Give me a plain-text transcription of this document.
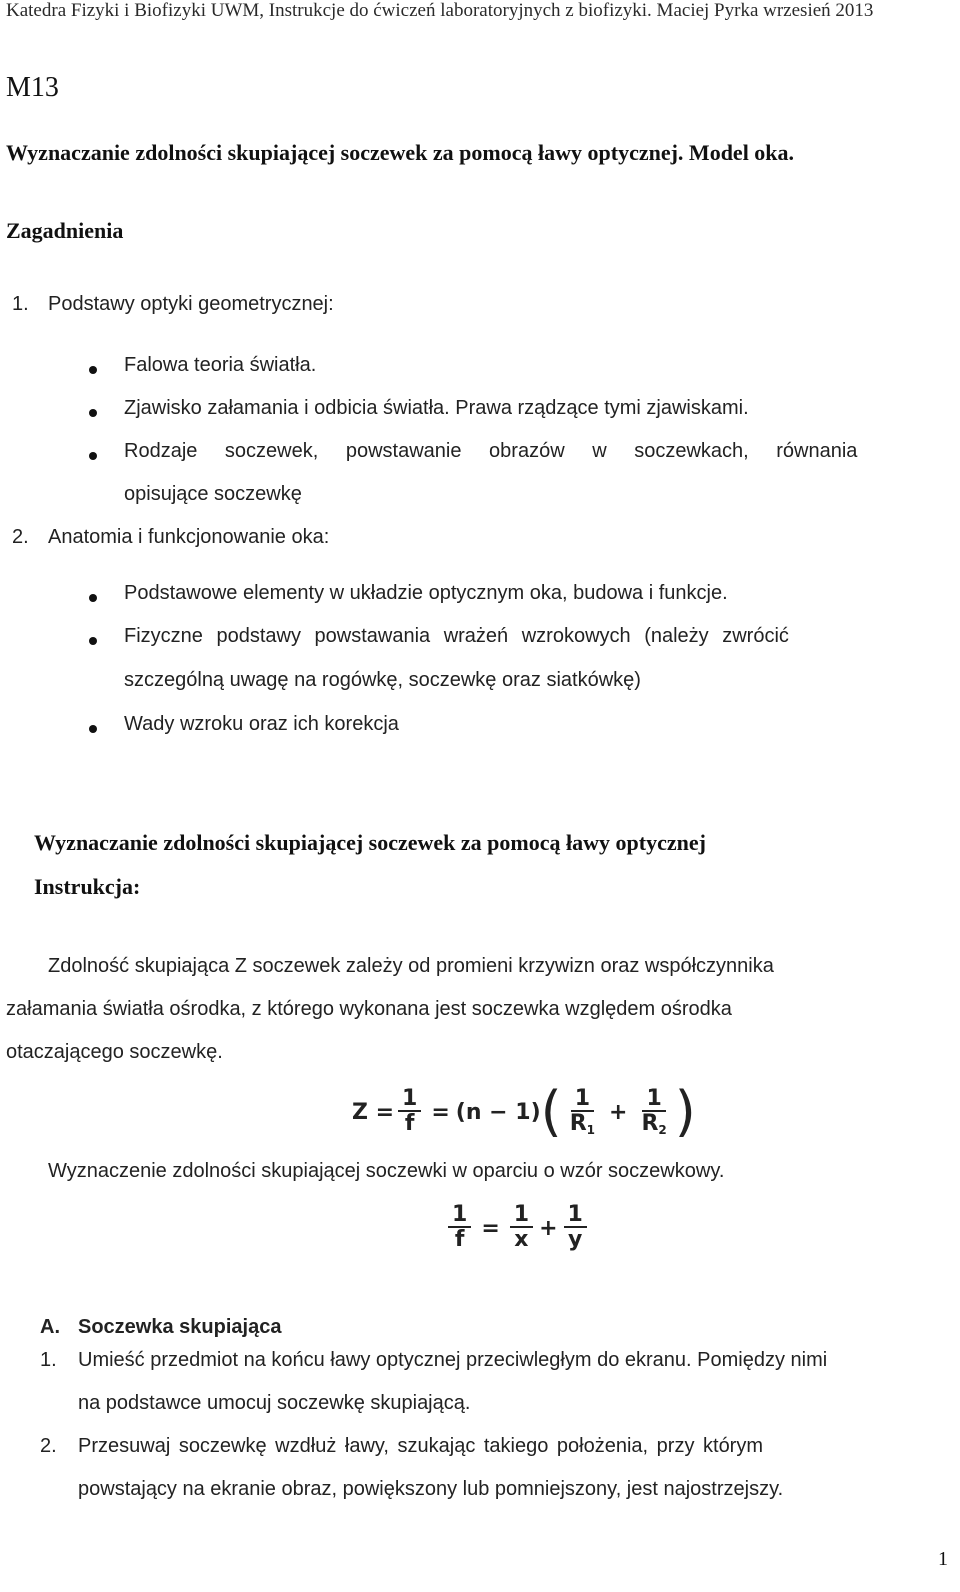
Katedra Fizyki i Biofizyki UWM, Instrukcje do ćwiczeń laboratoryjnych z biofizyki. Maciej Pyrka wrzesień 2013
M13
Wyznaczanie zdolności skupiającej soczewek za pomocą ławy optycznej. Model oka.
Zagadnienia
1. Podstawy optyki geometrycznej:
Falowa teoria światła.
Zjawisko załamania i odbicia światła. Prawa rządzące tymi zjawiskami.
Rodzaje soczewek, powstawanie obrazów w soczewkach, równania
opisujące soczewkę
2. Anatomia i funkcjonowanie oka:
Podstawowe elementy w układzie optycznym oka, budowa i funkcje.
Fizyczne podstawy powstawania wrażeń wzrokowych (należy zwrócić
szczególną uwagę na rogówkę, soczewkę oraz siatkówkę)
Wady wzroku oraz ich korekcja
Wyznaczanie zdolności skupiającej soczewek za pomocą ławy optycznej
Instrukcja:
Zdolność skupiająca Z soczewek zależy od promieni krzywizn oraz współczynnika
załamania światła ośrodka, z którego wykonana jest soczewka względem ośrodka
otaczającego soczewkę.
$Z = \frac{1}{f} = (n - 1)$ ( $\frac{1}{R_1} + \frac{1}{R_2}$ )
Wyznaczenie zdolności skupiającej soczewki w oparciu o wzór soczewkowy.
$\frac{1}{f} = \frac{1}{x} + \frac{1}{y}$
A. Soczewka skupiająca
1. Umieść przedmiot na końcu ławy optycznej przeciwległym do ekranu. Pomiędzy nimi
na podstawce umocuj soczewkę skupiającą.
2. Przesuwaj soczewkę wzdłuż ławy, szukając takiego położenia, przy którym
powstający na ekranie obraz, powiększony lub pomniejszony, jest najostrzejszy.
1
